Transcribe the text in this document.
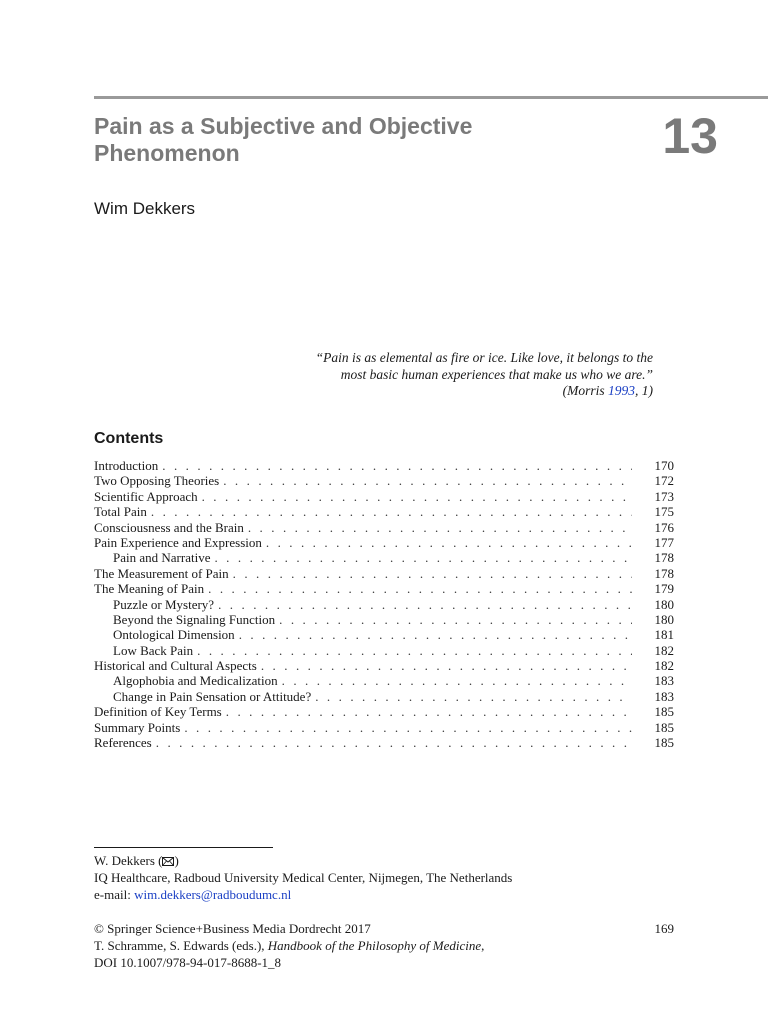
Pain as a Subjective and Objective
Phenomenon	13
Wim Dekkers
“Pain is as elemental as fire or ice. Like love, it belongs to the
most basic human experiences that make us who we are.”
(Morris 1993, 1)
Contents
Introduction . . .	170
Two Opposing Theories . . .	172
Scientific Approach . . .	173
Total Pain . . .	175
Consciousness and the Brain . . .	176
Pain Experience and Expression . . .	177
Pain and Narrative . . .	178
The Measurement of Pain . . .	178
The Meaning of Pain . . .	179
Puzzle or Mystery? . . .	180
Beyond the Signaling Function . . .	180
Ontological Dimension . . .	181
Low Back Pain . . .	182
Historical and Cultural Aspects . . .	182
Algophobia and Medicalization . . .	183
Change in Pain Sensation or Attitude? . . .	183
Definition of Key Terms . . .	185
Summary Points . . .	185
References . . .	185
W. Dekkers ( )
IQ Healthcare, Radboud University Medical Center, Nijmegen, The Netherlands
e-mail: wim.dekkers@radboudumc.nl
© Springer Science+Business Media Dordrecht 2017
T. Schramme, S. Edwards (eds.), Handbook of the Philosophy of Medicine,
DOI 10.1007/978-94-017-8688-1_8
169
